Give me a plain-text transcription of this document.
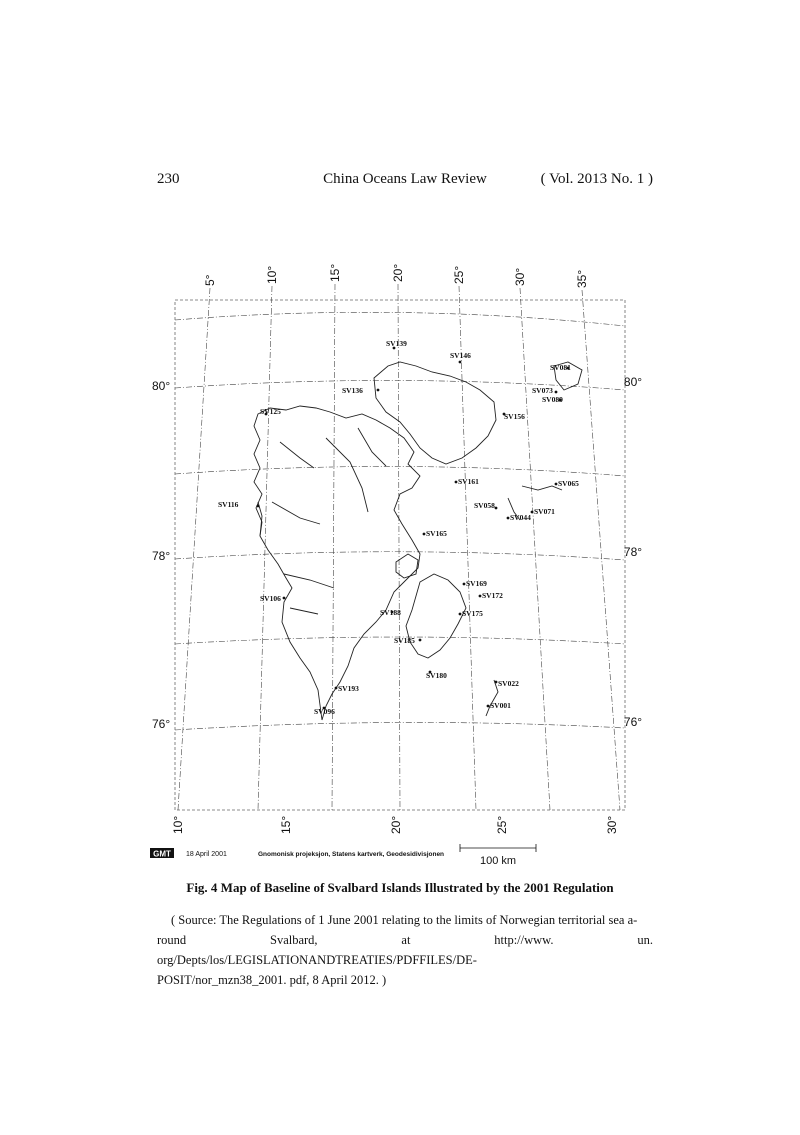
230	China Oceans Law Review	( Vol. 2013 No. 1 )
SV139
SV146
SV081
SV136	SV073
SV089
SV125
SV156
SV065
SV161
SV116	SV058
SV071
SV044
SV165
SV169
SV172
SV106
SV188	SV175
SV185
SV180
SV022
SV193
SV001
SV096
5°	10°	15°	20°	25°	30°	35°
10°	15°	20°	25°	30°
80°
78°
76°
80°
78°
76°
GMT 18 April 2001	Gnomonisk projeksjon, Statens kartverk, Geodesidivisjonen
100 km
Fig. 4 Map of Baseline of Svalbard Islands Illustrated by the 2001 Regulation
( Source: The Regulations of 1 June 2001 relating to the limits of Norwegian territorial sea a-
round Svalbard, at http://www. un. org/Depts/los/LEGISLATIONANDTREATIES/PDFFILES/DE-
POSIT/nor_mzn38_2001. pdf, 8 April 2012. )
